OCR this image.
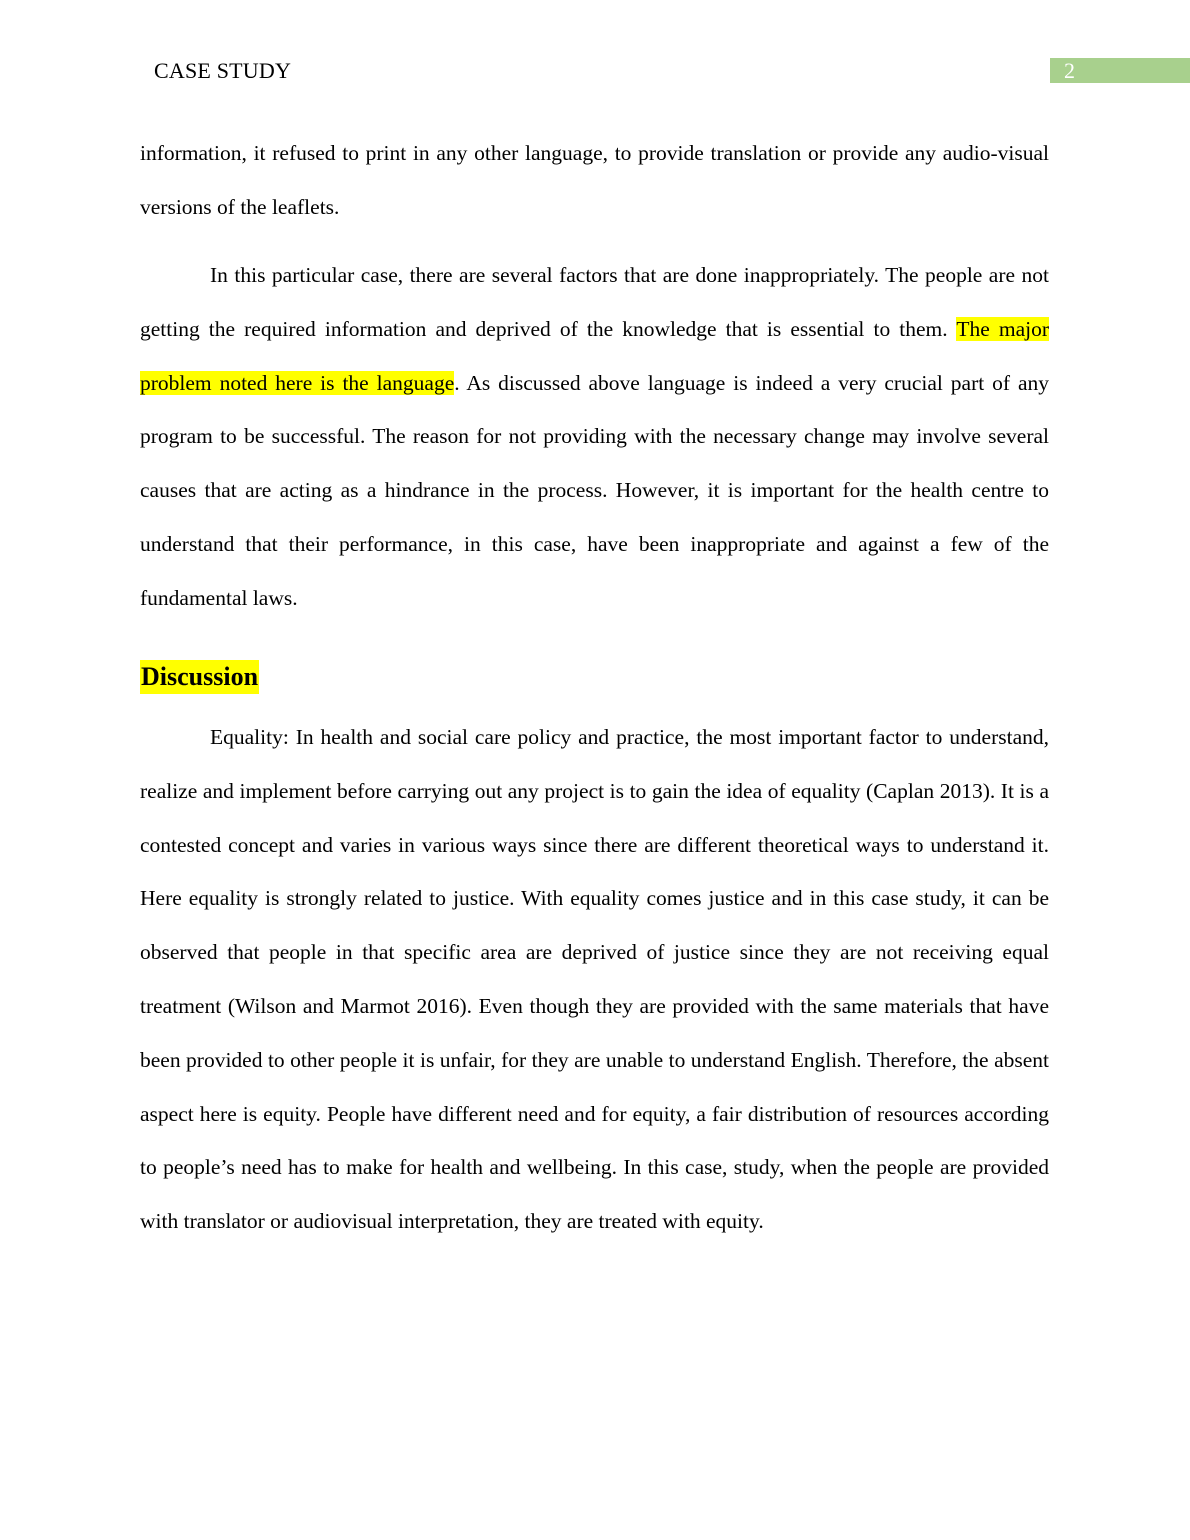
CASE STUDY	2

information, it refused to print in any other language, to provide translation or provide any audio-visual versions of the leaflets.

In this particular case, there are several factors that are done inappropriately. The people are not getting the required information and deprived of the knowledge that is essential to them. The major problem noted here is the language. As discussed above language is indeed a very crucial part of any program to be successful. The reason for not providing with the necessary change may involve several causes that are acting as a hindrance in the process. However, it is important for the health centre to understand that their performance, in this case, have been inappropriate and against a few of the fundamental laws.

Discussion

Equality: In health and social care policy and practice, the most important factor to understand, realize and implement before carrying out any project is to gain the idea of equality (Caplan 2013). It is a contested concept and varies in various ways since there are different theoretical ways to understand it. Here equality is strongly related to justice. With equality comes justice and in this case study, it can be observed that people in that specific area are deprived of justice since they are not receiving equal treatment (Wilson and Marmot 2016). Even though they are provided with the same materials that have been provided to other people it is unfair, for they are unable to understand English. Therefore, the absent aspect here is equity. People have different need and for equity, a fair distribution of resources according to people’s need has to make for health and wellbeing. In this case, study, when the people are provided with translator or audiovisual interpretation, they are treated with equity.
